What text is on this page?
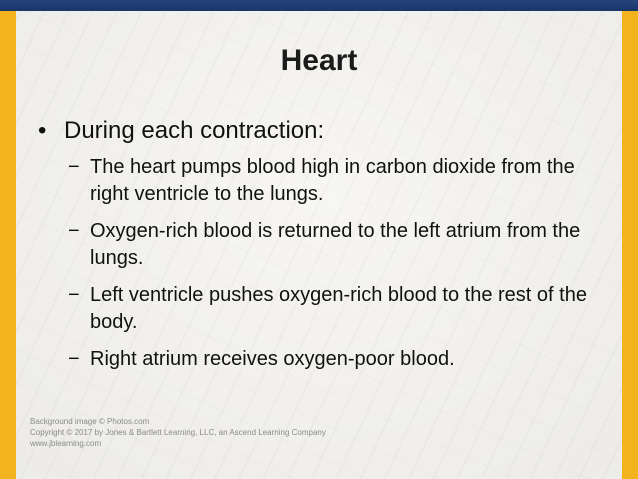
Heart
• During each contraction:
− The heart pumps blood high in carbon dioxide from the right ventricle to the lungs.
− Oxygen-rich blood is returned to the left atrium from the lungs.
− Left ventricle pushes oxygen-rich blood to the rest of the body.
− Right atrium receives oxygen-poor blood.
Background image © Photos.com
Copyright © 2017 by Jones & Bartlett Learning, LLC, an Ascend Learning Company
www.jblearning.com
